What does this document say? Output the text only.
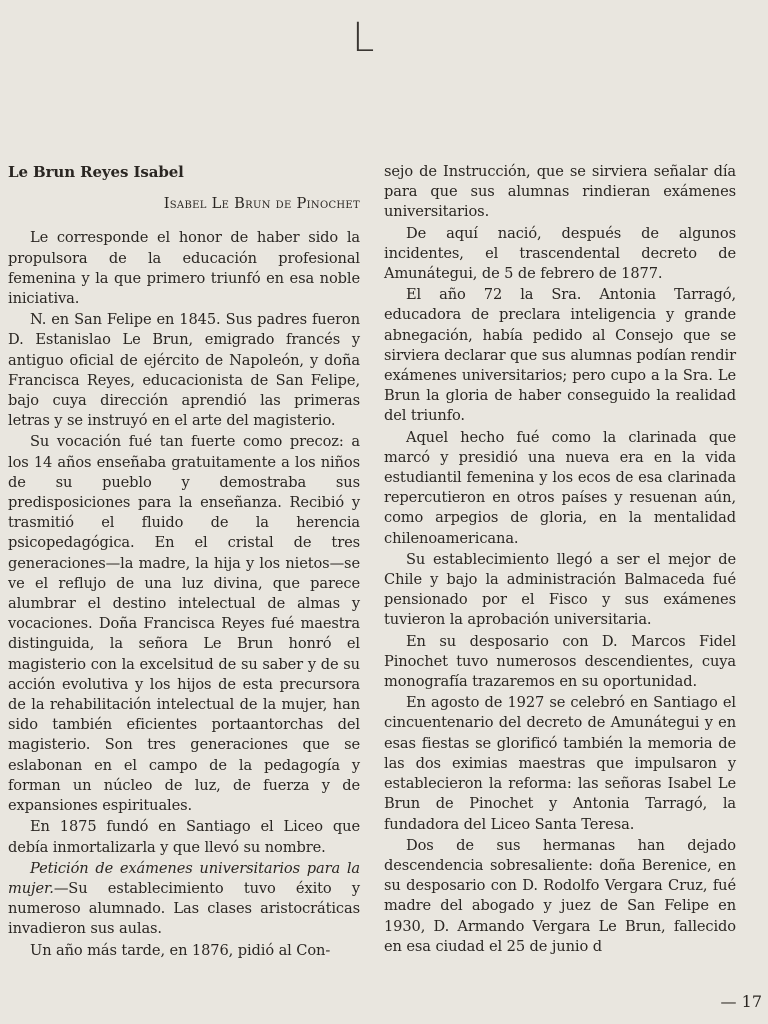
L
Le Brun Reyes Isabel
Isabel Le Brun de Pinochet

Le corresponde el honor de haber sido la propulsora de la educación profesional femenina y la que primero triunfó en esa noble iniciativa.

N. en San Felipe en 1845. Sus padres fueron D. Estanislao Le Brun, emigrado francés y antiguo oficial de ejército de Napoleón, y doña Francisca Reyes, educacionista de San Felipe, bajo cuya dirección aprendió las primeras letras y se instruyó en el arte del magisterio.

Su vocación fué tan fuerte como precoz: a los 14 años enseñaba gratuitamente a los niños de su pueblo y demostraba sus predisposiciones para la enseñanza. Recibió y trasmitió el fluido de la herencia psicopedagógica. En el cristal de tres generaciones—la madre, la hija y los nietos—se ve el reflujo de una luz divina, que parece alumbrar el destino intelectual de almas y vocaciones. Doña Francisca Reyes fué maestra distinguida, la señora Le Brun honró el magisterio con la excelsitud de su saber y de su acción evolutiva y los hijos de esta precursora de la rehabilitación intelectual de la mujer, han sido también eficientes portaantorchas del magisterio. Son tres generaciones que se eslabonan en el campo de la pedagogía y forman un núcleo de luz, de fuerza y de expansiones espirituales.

En 1875 fundó en Santiago el Liceo que debía inmortalizarla y que llevó su nombre.

Petición de exámenes universitarios para la mujer.—Su establecimiento tuvo éxito y numeroso alumnado. Las clases aristocráticas invadieron sus aulas.

Un año más tarde, en 1876, pidió al Con-

sejo de Instrucción, que se sirviera señalar día para que sus alumnas rindieran exámenes universitarios.

De aquí nació, después de algunos incidentes, el trascendental decreto de Amunátegui, de 5 de febrero de 1877.

El año 72 la Sra. Antonia Tarragó, educadora de preclara inteligencia y grande abnegación, había pedido al Consejo que se sirviera declarar que sus alumnas podían rendir exámenes universitarios; pero cupo a la Sra. Le Brun la gloria de haber conseguido la realidad del triunfo.

Aquel hecho fué como la clarinada que marcó y presidió una nueva era en la vida estudiantil femenina y los ecos de esa clarinada repercutieron en otros países y resuenan aún, como arpegios de gloria, en la mentalidad chilenoamericana.

Su establecimiento llegó a ser el mejor de Chile y bajo la administración Balmaceda fué pensionado por el Fisco y sus exámenes tuvieron la aprobación universitaria.

En su desposario con D. Marcos Fidel Pinochet tuvo numerosos descendientes, cuya monografía trazaremos en su oportunidad.

En agosto de 1927 se celebró en Santiago el cincuentenario del decreto de Amunátegui y en esas fiestas se glorificó también la memoria de las dos eximias maestras que impulsaron y establecieron la reforma: las señoras Isabel Le Brun de Pinochet y Antonia Tarragó, la fundadora del Liceo Santa Teresa.

Dos de sus hermanas han dejado descendencia sobresaliente: doña Berenice, en su desposario con D. Rodolfo Vergara Cruz, fué madre del abogado y juez de San Felipe en 1930, D. Armando Vergara Le Brun, fallecido en esa ciudad el 25 de junio d

— 17
